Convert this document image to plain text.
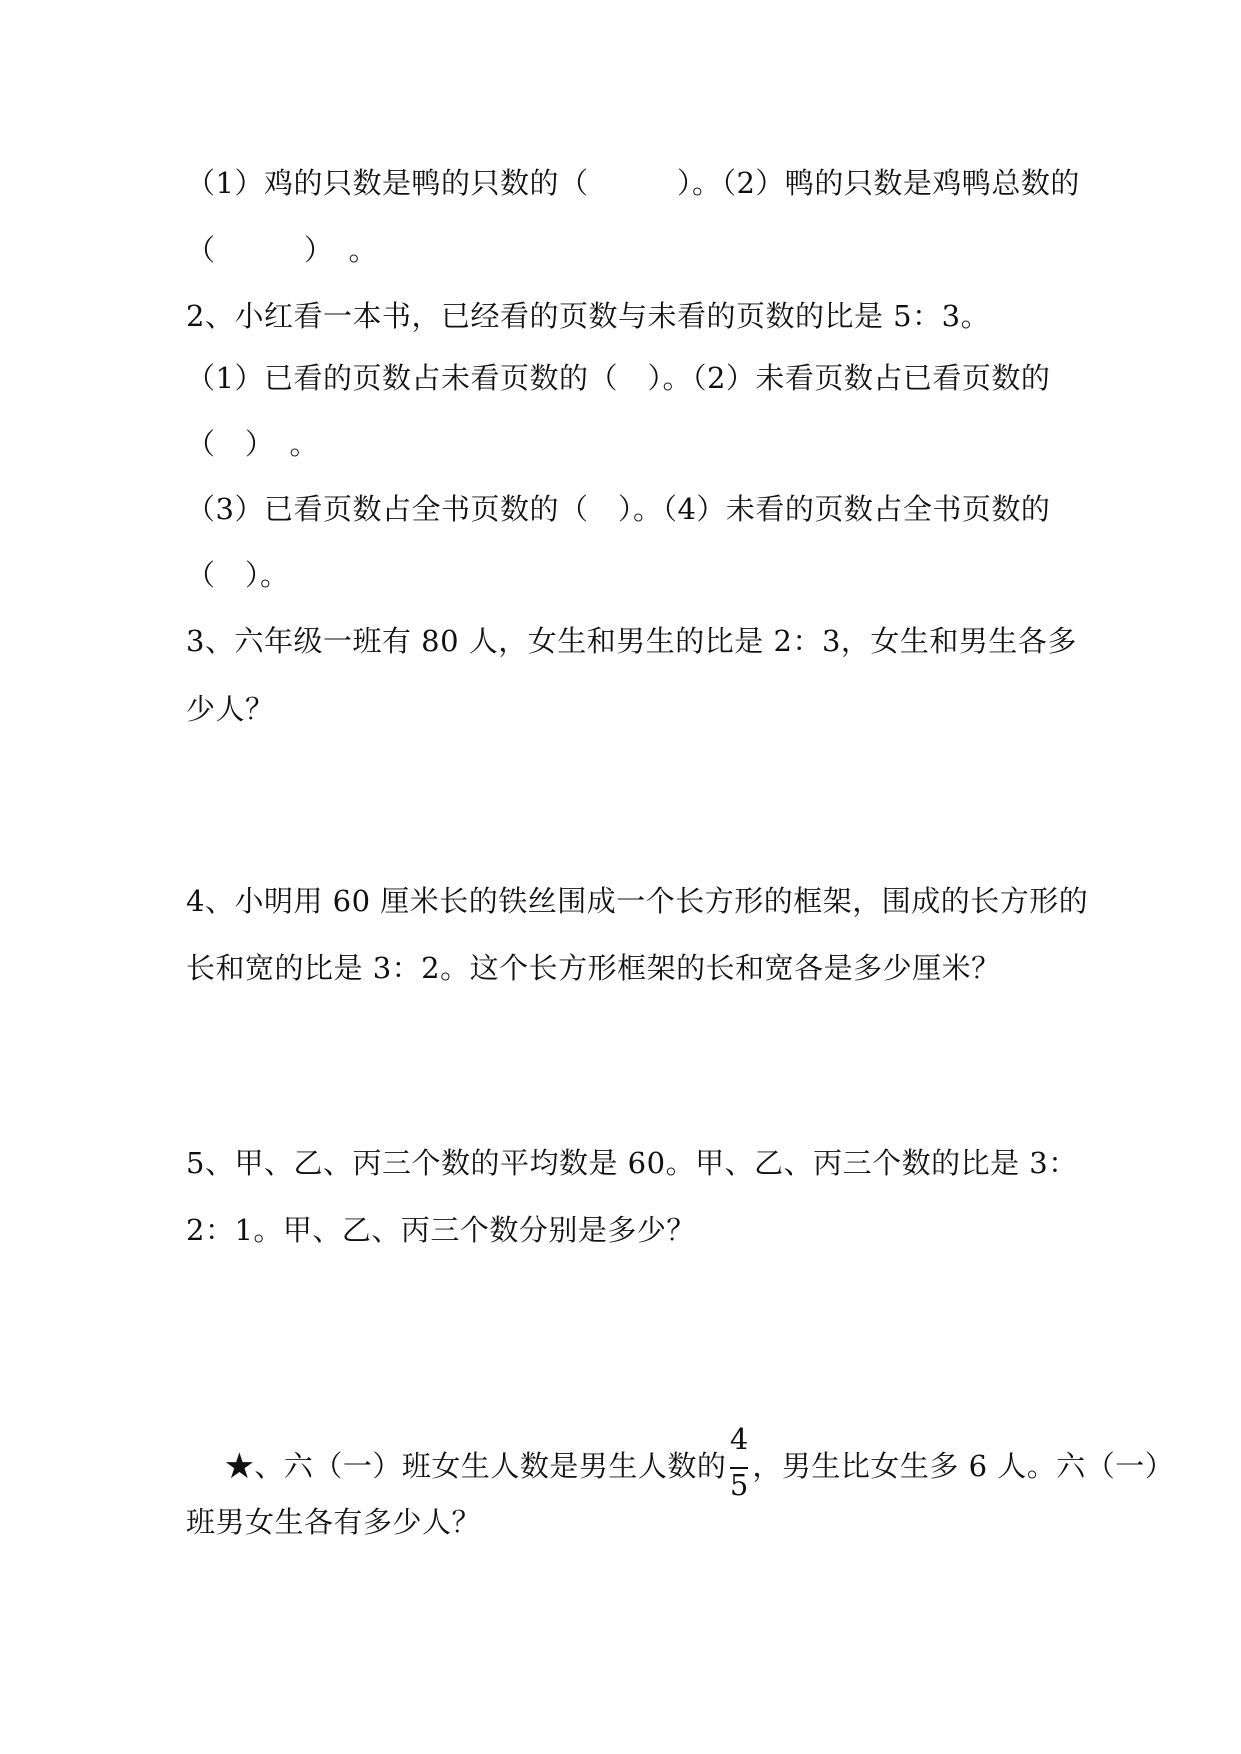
（1）鸡的只数是鸭的只数的（　　　）。（2）鸭的只数是鸡鸭总数的
（　　　）　。
2、小红看一本书，已经看的页数与未看的页数的比是 5：3。
（1）已看的页数占未看页数的（　）。（2）未看页数占已看页数的
（　）　。
（3）已看页数占全书页数的（　）。（4）未看的页数占全书页数的
（　）。
3、六年级一班有 80 人，女生和男生的比是 2：3，女生和男生各多
少人？
4、小明用 60 厘米长的铁丝围成一个长方形的框架，围成的长方形的
长和宽的比是 3：2。这个长方形框架的长和宽各是多少厘米？
5、甲、乙、丙三个数的平均数是 60。甲、乙、丙三个数的比是 3：
2：1。甲、乙、丙三个数分别是多少？

★、六（一）班女生人数是男生人数的 $\frac{4}{5}$ ，男生比女生多 6 人。六（一）

班男女生各有多少人？
